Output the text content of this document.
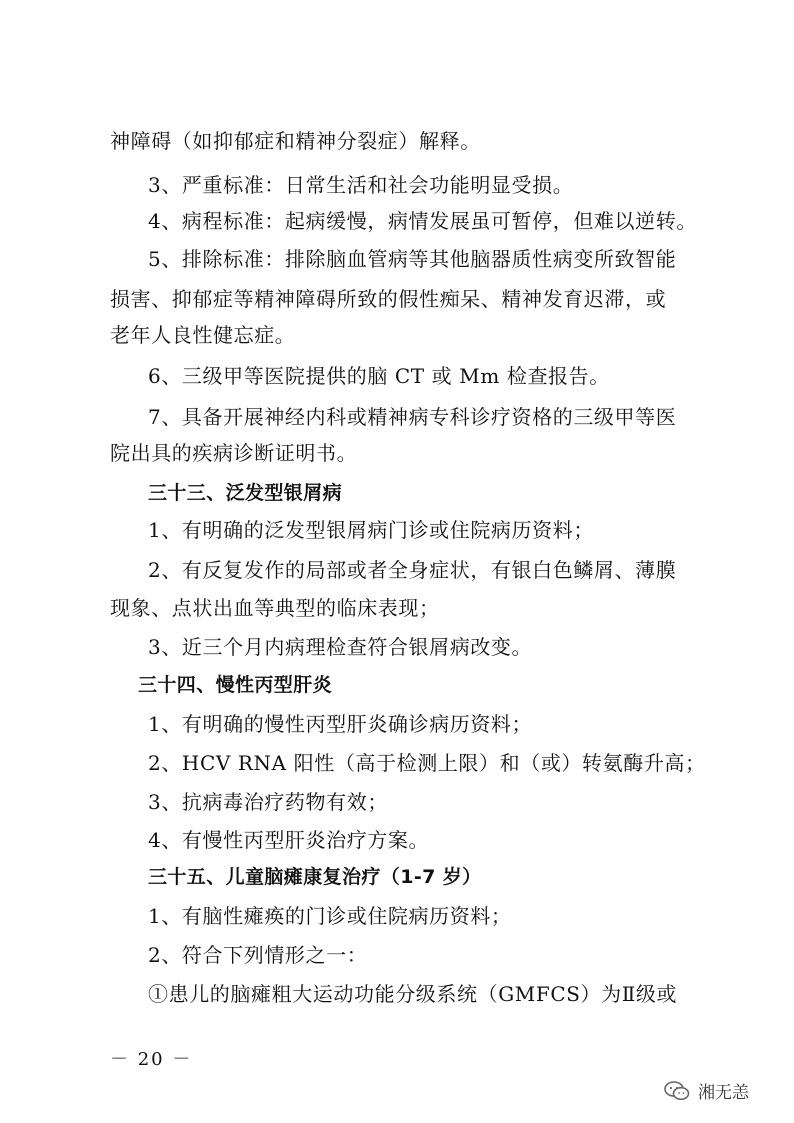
神障碍（如抑郁症和精神分裂症）解释。
3、严重标准：日常生活和社会功能明显受损。
4、病程标准：起病缓慢，病情发展虽可暂停，但难以逆转。
5、排除标准：排除脑血管病等其他脑器质性病变所致智能
损害、抑郁症等精神障碍所致的假性痴呆、精神发育迟滞，或
老年人良性健忘症。
6、三级甲等医院提供的脑 CT 或 Mm 检查报告。
7、具备开展神经内科或精神病专科诊疗资格的三级甲等医
院出具的疾病诊断证明书。
三十三、泛发型银屑病
1、有明确的泛发型银屑病门诊或住院病历资料；
2、有反复发作的局部或者全身症状，有银白色鳞屑、薄膜
现象、点状出血等典型的临床表现；
3、近三个月内病理检查符合银屑病改变。
三十四、慢性丙型肝炎
1、有明确的慢性丙型肝炎确诊病历资料；
2、HCV RNA 阳性（高于检测上限）和（或）转氨酶升高；
3、抗病毒治疗药物有效；
4、有慢性丙型肝炎治疗方案。
三十五、儿童脑瘫康复治疗（1-7 岁）
1、有脑性瘫痪的门诊或住院病历资料；
2、符合下列情形之一：
①患儿的脑瘫粗大运动功能分级系统（GMFCS）为Ⅱ级或
－ 20 －
湘无恙
